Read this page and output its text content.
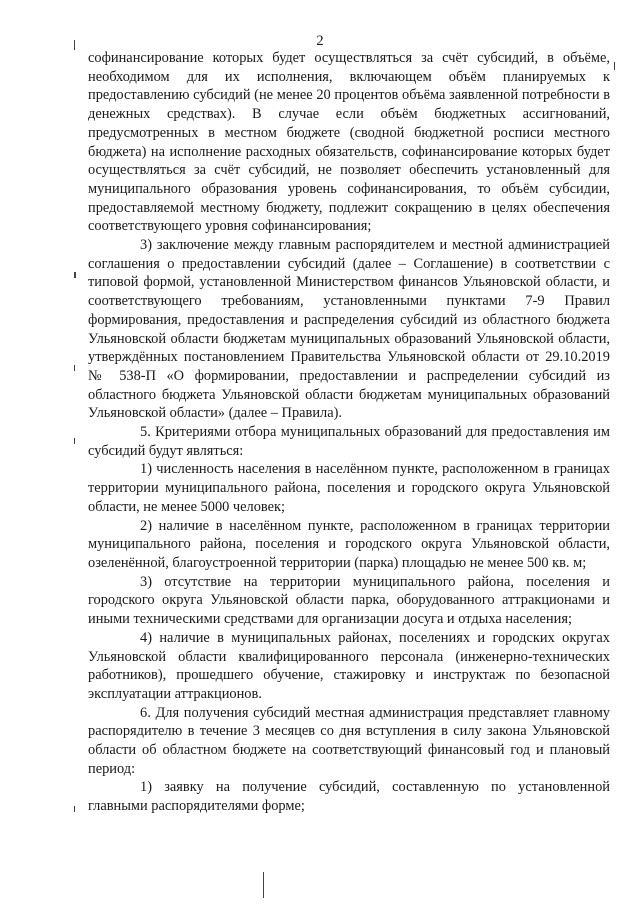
2

софинансирование которых будет осуществляться за счёт субсидий, в объёме, необходимом для их исполнения, включающем объём планируемых к предоставлению субсидий (не менее 20 процентов объёма заявленной потребности в денежных средствах). В случае если объём бюджетных ассигнований, предусмотренных в местном бюджете (сводной бюджетной росписи местного бюджета) на исполнение расходных обязательств, софинансирование которых будет осуществляться за счёт субсидий, не позволяет обеспечить установленный для муниципального образования уровень софинансирования, то объём субсидии, предоставляемой местному бюджету, подлежит сокращению в целях обеспечения соответствующего уровня софинансирования;

3) заключение между главным распорядителем и местной администрацией соглашения о предоставлении субсидий (далее – Соглашение) в соответствии с типовой формой, установленной Министерством финансов Ульяновской области, и соответствующего требованиям, установленными пунктами 7-9 Правил формирования, предоставления и распределения субсидий из областного бюджета Ульяновской области бюджетам муниципальных образований Ульяновской области, утверждённых постановлением Правительства Ульяновской области от 29.10.2019 № 538-П «О формировании, предоставлении и распределении субсидий из областного бюджета Ульяновской области бюджетам муниципальных образований Ульяновской области» (далее – Правила).

5. Критериями отбора муниципальных образований для предоставления им субсидий будут являться:

1) численность населения в населённом пункте, расположенном в границах территории муниципального района, поселения и городского округа Ульяновской области, не менее 5000 человек;

2) наличие в населённом пункте, расположенном в границах территории муниципального района, поселения и городского округа Ульяновской области, озеленённой, благоустроенной территории (парка) площадью не менее 500 кв. м;

3) отсутствие на территории муниципального района, поселения и городского округа Ульяновской области парка, оборудованного аттракционами и иными техническими средствами для организации досуга и отдыха населения;

4) наличие в муниципальных районах, поселениях и городских округах Ульяновской области квалифицированного персонала (инженерно-технических работников), прошедшего обучение, стажировку и инструктаж по безопасной эксплуатации аттракционов.

6. Для получения субсидий местная администрация представляет главному распорядителю в течение 3 месяцев со дня вступления в силу закона Ульяновской области об областном бюджете на соответствующий финансовый год и плановый период:

1) заявку на получение субсидий, составленную по установленной главными распорядителями форме;
